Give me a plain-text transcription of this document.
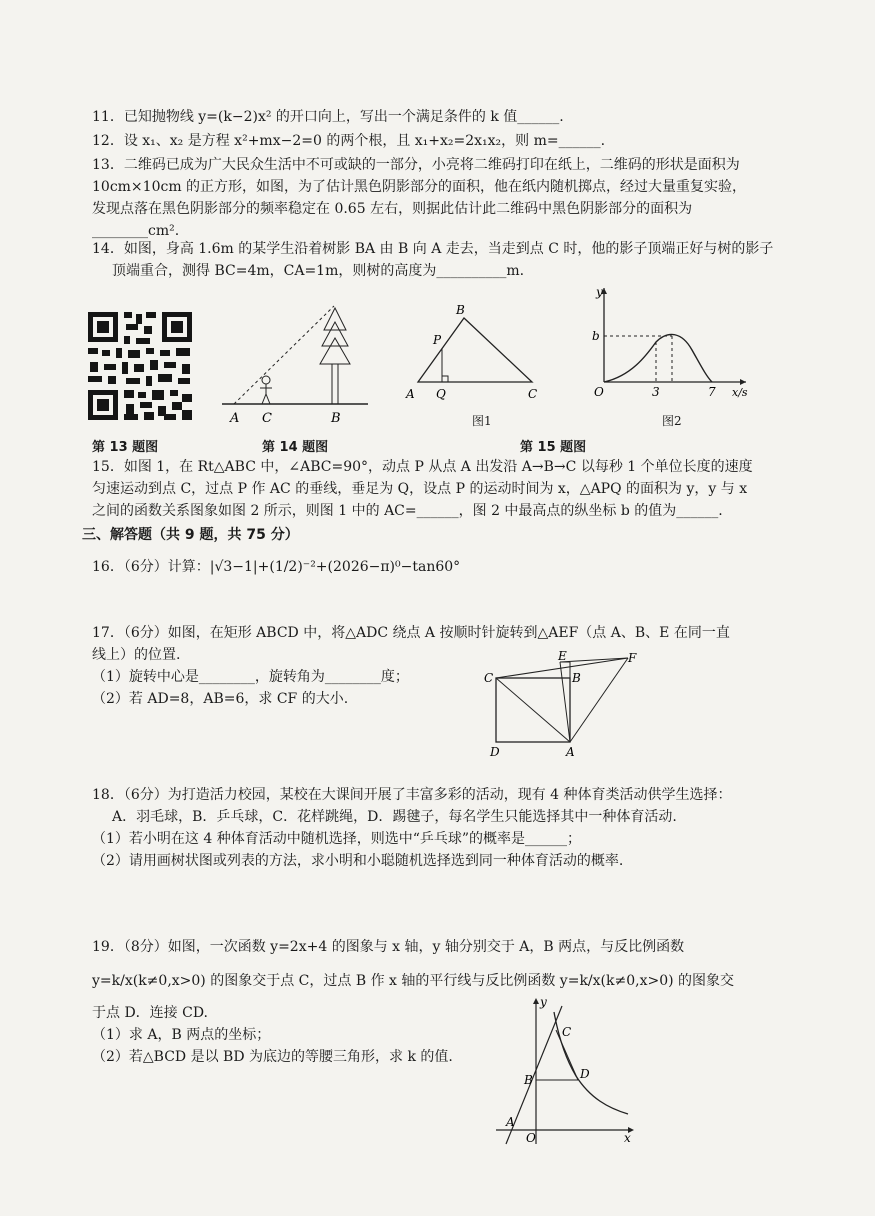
11．已知抛物线 y=(k−2)x² 的开口向上，写出一个满足条件的 k 值______.
12．设 x₁、x₂ 是方程 x²+mx−2=0 的两个根，且 x₁+x₂=2x₁x₂，则 m=______.
13．二维码已成为广大民众生活中不可或缺的一部分，小亮将二维码打印在纸上，二维码的形状是面积为
10cm×10cm 的正方形，如图，为了估计黑色阴影部分的面积，他在纸内随机掷点，经过大量重复实验，
发现点落在黑色阴影部分的频率稳定在 0.65 左右，则据此估计此二维码中黑色阴影部分的面积为
________cm².
14．如图，身高 1.6m 的某学生沿着树影 BA 由 B 向 A 走去，当走到点 C 时，他的影子顶端正好与树的影子
顶端重合，测得 BC=4m，CA=1m，则树的高度为__________m.
A C	B
B
P
A Q	C
图1
y
b
O	3	7 x/s
图2
第 13 题图	第 14 题图	第 15 题图
15．如图 1，在 Rt△ABC 中，∠ABC=90°，动点 P 从点 A 出发沿 A→B→C 以每秒 1 个单位长度的速度
匀速运动到点 C，过点 P 作 AC 的垂线，垂足为 Q，设点 P 的运动时间为 x，△APQ 的面积为 y，y 与 x
之间的函数关系图象如图 2 所示，则图 1 中的 AC=______，图 2 中最高点的纵坐标 b 的值为______.
三、解答题（共 9 题，共 75 分）
16．（6分）计算：|√3−1|+(1/2)⁻²+(2026−π)⁰−tan60°
17．（6分）如图，在矩形 ABCD 中，将△ADC 绕点 A 按顺时针旋转到△AEF（点 A、B、E 在同一直
线上）的位置.
（1）旋转中心是________，旋转角为________度；
（2）若 AD=8，AB=6，求 CF 的大小.
C
E	F
B
D	A
18．（6分）为打造活力校园，某校在大课间开展了丰富多彩的活动，现有 4 种体育类活动供学生选择：
A．羽毛球，B．乒乓球，C．花样跳绳，D．踢毽子，每名学生只能选择其中一种体育活动.
（1）若小明在这 4 种体育活动中随机选择，则选中“乒乓球”的概率是______；
（2）请用画树状图或列表的方法，求小明和小聪随机选择选到同一种体育活动的概率.
19．（8分）如图，一次函数 y=2x+4 的图象与 x 轴，y 轴分别交于 A，B 两点，与反比例函数
y=k/x(k≠0,x>0) 的图象交于点 C，过点 B 作 x 轴的平行线与反比例函数 y=k/x(k≠0,x>0) 的图象交
于点 D．连接 CD.
（1）求 A，B 两点的坐标；
（2）若△BCD 是以 BD 为底边的等腰三角形，求 k 的值.
y
C
B	D
A
O	x
